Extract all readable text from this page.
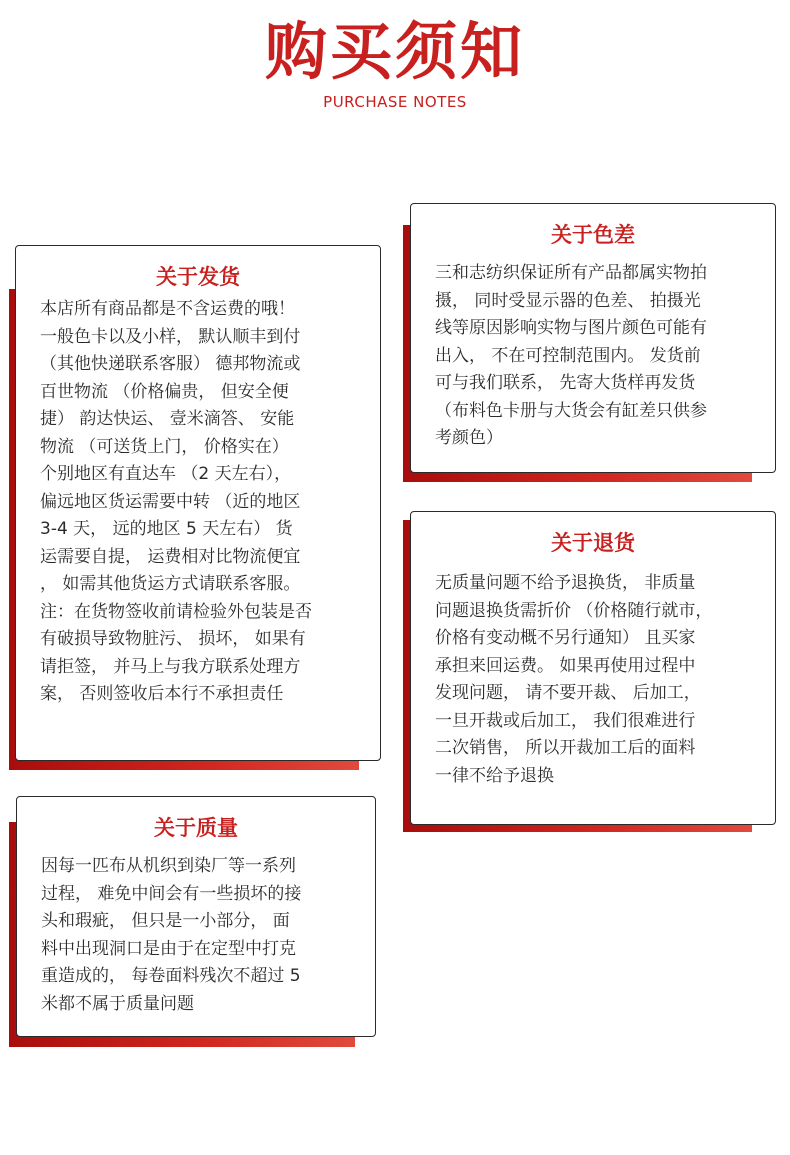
购买须知
PURCHASE NOTES
关于发货
本店所有商品都是不含运费的哦！
一般色卡以及小样， 默认顺丰到付
（其他快递联系客服） 德邦物流或
百世物流 （价格偏贵， 但安全便
捷） 韵达快运、 壹米滴答、 安能
物流 （可送货上门， 价格实在）
个别地区有直达车 （2 天左右），
偏远地区货运需要中转 （近的地区
3-4 天， 远的地区 5 天左右） 货
运需要自提， 运费相对比物流便宜
， 如需其他货运方式请联系客服。
注：在货物签收前请检验外包装是否
有破损导致物脏污、 损坏， 如果有
请拒签， 并马上与我方联系处理方
案， 否则签收后本行不承担责任
关于色差
三和志纺织保证所有产品都属实物拍
摄， 同时受显示器的色差、 拍摄光
线等原因影响实物与图片颜色可能有
出入， 不在可控制范围内。 发货前
可与我们联系， 先寄大货样再发货
（布料色卡册与大货会有缸差只供参
考颜色）
关于退货
无质量问题不给予退换货， 非质量
问题退换货需折价 （价格随行就市，
价格有变动概不另行通知） 且买家
承担来回运费。 如果再使用过程中
发现问题， 请不要开裁、 后加工，
一旦开裁或后加工， 我们很难进行
二次销售， 所以开裁加工后的面料
一律不给予退换
关于质量
因每一匹布从机织到染厂等一系列
过程， 难免中间会有一些损坏的接
头和瑕疵， 但只是一小部分， 面
料中出现洞口是由于在定型中打克
重造成的， 每卷面料残次不超过 5
米都不属于质量问题
